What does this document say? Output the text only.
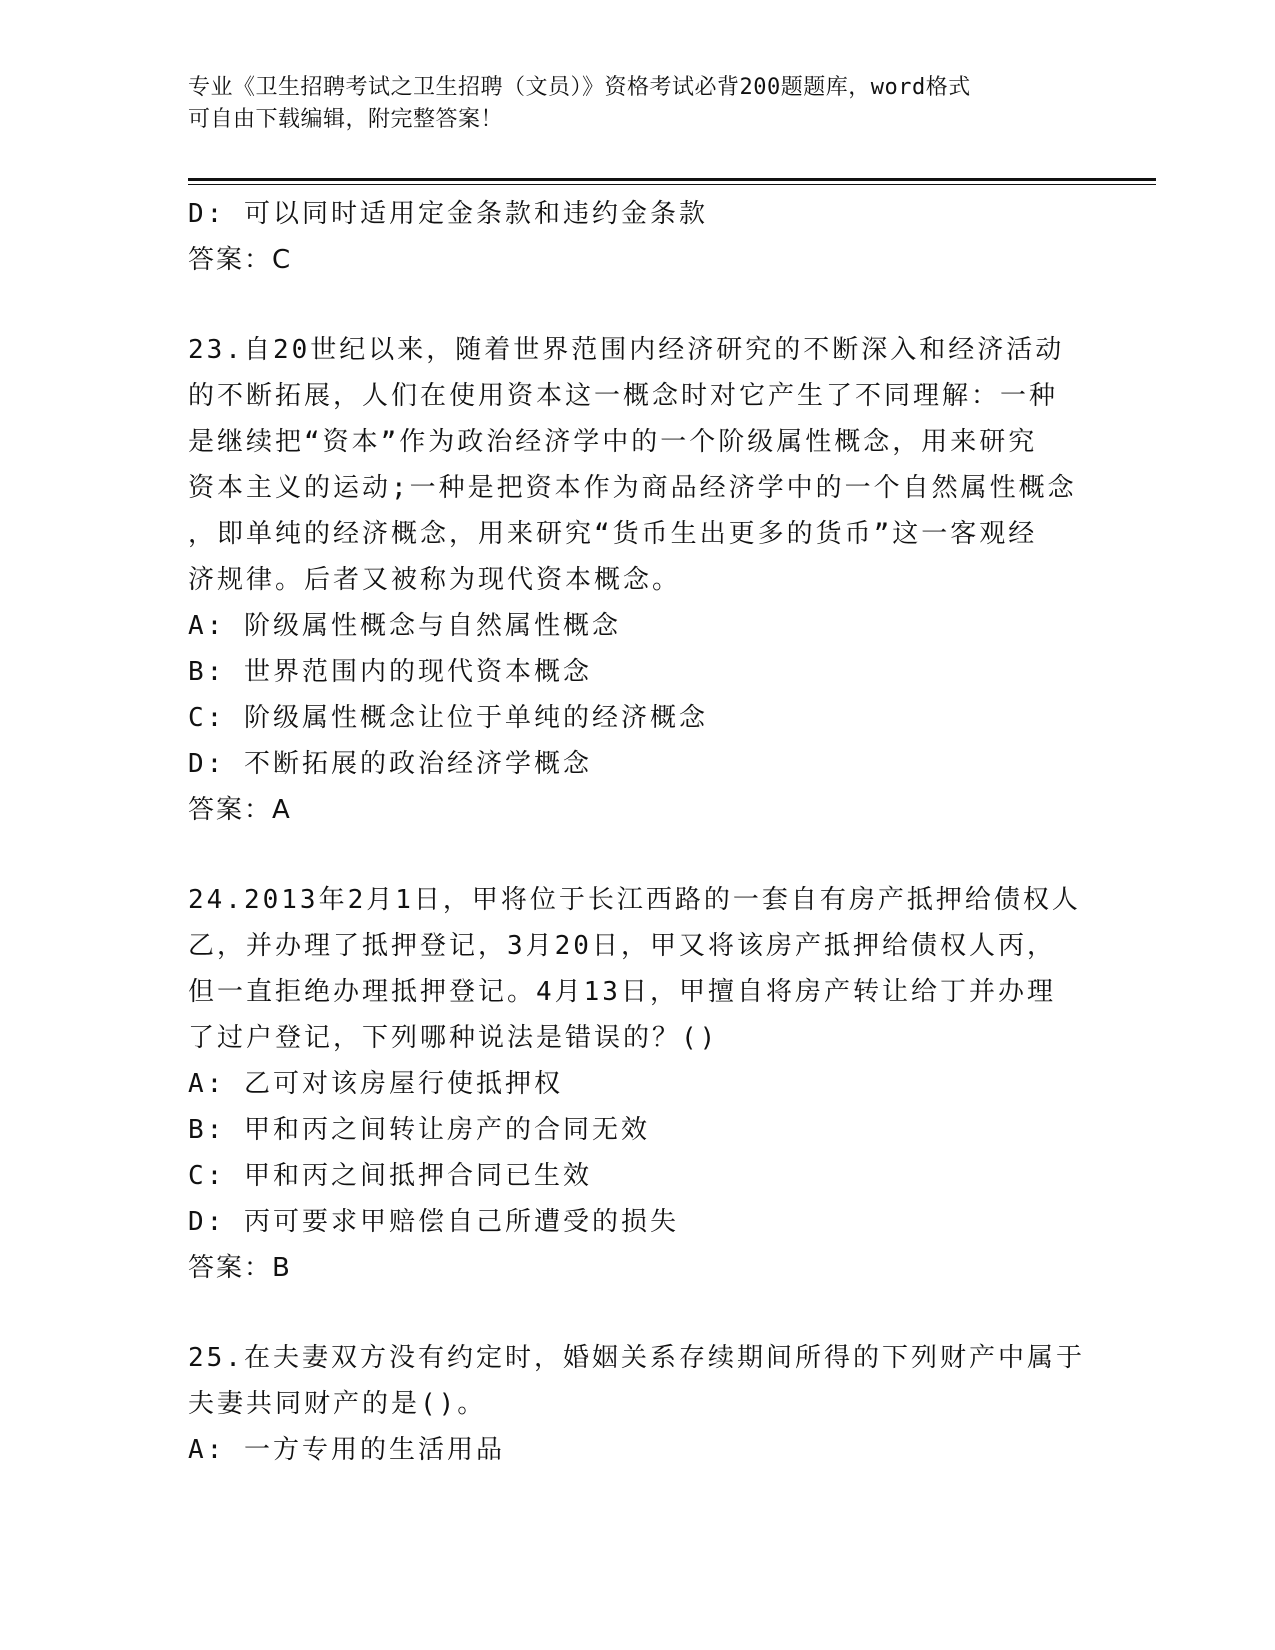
专业《卫生招聘考试之卫生招聘（文员）》资格考试必背200题题库，word格式
可自由下载编辑，附完整答案！
D: 可以同时适用定金条款和违约金条款
答案：C
23.自20世纪以来，随着世界范围内经济研究的不断深入和经济活动
的不断拓展，人们在使用资本这一概念时对它产生了不同理解：一种
是继续把“资本”作为政治经济学中的一个阶级属性概念，用来研究
资本主义的运动;一种是把资本作为商品经济学中的一个自然属性概念
，即单纯的经济概念，用来研究“货币生出更多的货币”这一客观经
济规律。后者又被称为现代资本概念。
A: 阶级属性概念与自然属性概念
B: 世界范围内的现代资本概念
C: 阶级属性概念让位于单纯的经济概念
D: 不断拓展的政治经济学概念
答案：A
24.2013年2月1日，甲将位于长江西路的一套自有房产抵押给债权人
乙，并办理了抵押登记，3月20日，甲又将该房产抵押给债权人丙，
但一直拒绝办理抵押登记。4月13日，甲擅自将房产转让给丁并办理
了过户登记，下列哪种说法是错误的？()
A: 乙可对该房屋行使抵押权
B: 甲和丙之间转让房产的合同无效
C: 甲和丙之间抵押合同已生效
D: 丙可要求甲赔偿自己所遭受的损失
答案：B
25.在夫妻双方没有约定时，婚姻关系存续期间所得的下列财产中属于
夫妻共同财产的是()。
A: 一方专用的生活用品
